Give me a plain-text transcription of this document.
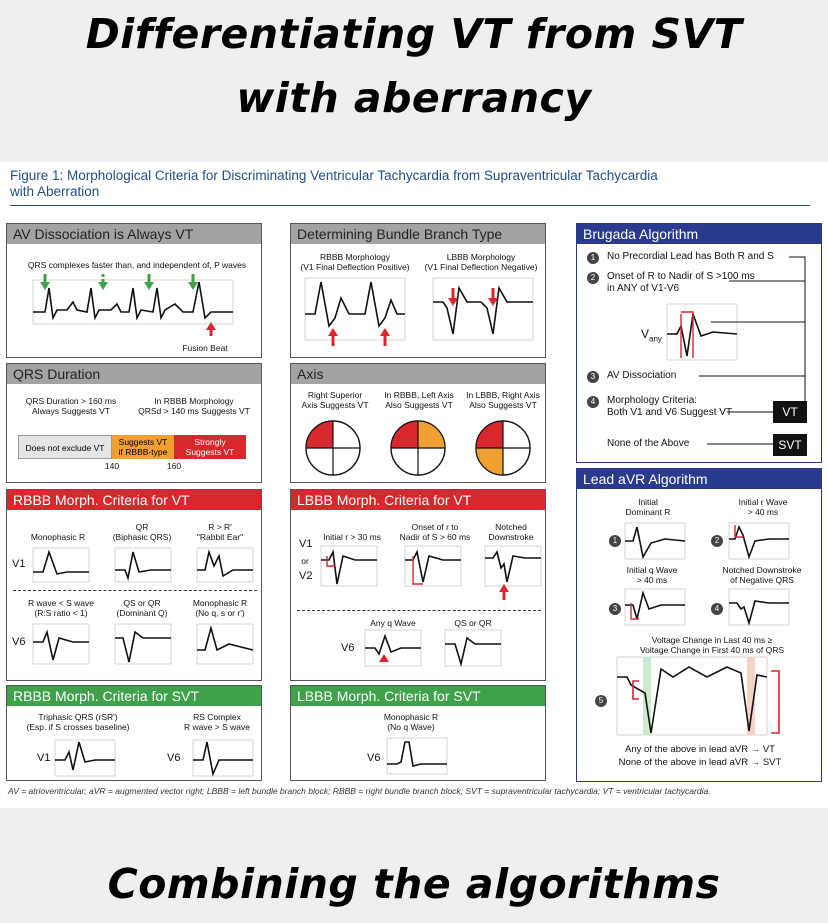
Differentiating VT from SVT
with aberrancy
Figure 1: Morphological Criteria for Discriminating Ventricular Tachycardia from Supraventricular Tachycardia
with Aberration
AV Dissociation is Always VT
QRS complexes faster than, and independent of, P waves
Fusion Beat
QRS Duration
QRS Duration > 160 ms
Always Suggests VT
In RBBB Morphology
QRSd > 140 ms Suggests VT
Does not exclude VT
Suggests VT
if RBBB-type
Strongly
Suggests VT
140	160
RBBB Morph. Criteria for VT
Monophasic R
QR
(Biphasic QRS)
R > R'
"Rabbit Ear"
V1
R wave < S wave
(R:S ratio < 1)
QS or QR
(Dominant Q)
Monophasic R
(No q, s or r')
V6
RBBB Morph. Criteria for SVT
Triphasic QRS (rSR')
(Esp. if S crosses baseline)
RS Complex
R wave > S wave
V1	V6
Determining Bundle Branch Type
RBBB Morphology
(V1 Final Deflection Positive)
LBBB Morphology
(V1 Final Deflection Negative)
Axis
Right Superior
Axis Suggests VT
In RBBB, Left Axis
Also Suggests VT
In LBBB, Right Axis
Also Suggests VT
LBBB Morph. Criteria for VT
Initial r > 30 ms
Onset of r to
Nadir of S > 60 ms
Notched
Downstroke
V1
or
V2
Any q Wave	QS or QR
V6
LBBB Morph. Criteria for SVT
Monophasic R
(No q Wave)
V6
Brugada Algorithm
1	No Precordial Lead has Both R and S
2	Onset of R to Nadir of S >100 ms
in ANY of V1-V6
$V_{any}$
3	AV Dissociation
4	Morphology Criteria:
Both V1 and V6 Suggest VT
None of the Above
VT
SVT
Lead aVR Algorithm
Initial
Dominant R
Initial r Wave
> 40 ms
1	2
Initial q Wave
> 40 ms
Notched Downstroke
of Negative QRS
3	4
Voltage Change in Last 40 ms ≥
Voltage Change in First 40 ms of QRS
5
Any of the above in lead aVR → VT
None of the above in lead aVR → SVT
AV = atrioventricular; aVR = augmented vector right; LBBB = left bundle branch block; RBBB = right bundle branch block; SVT = supraventricular tachycardia; VT = ventricular tachycardia.
Combining the algorithms
